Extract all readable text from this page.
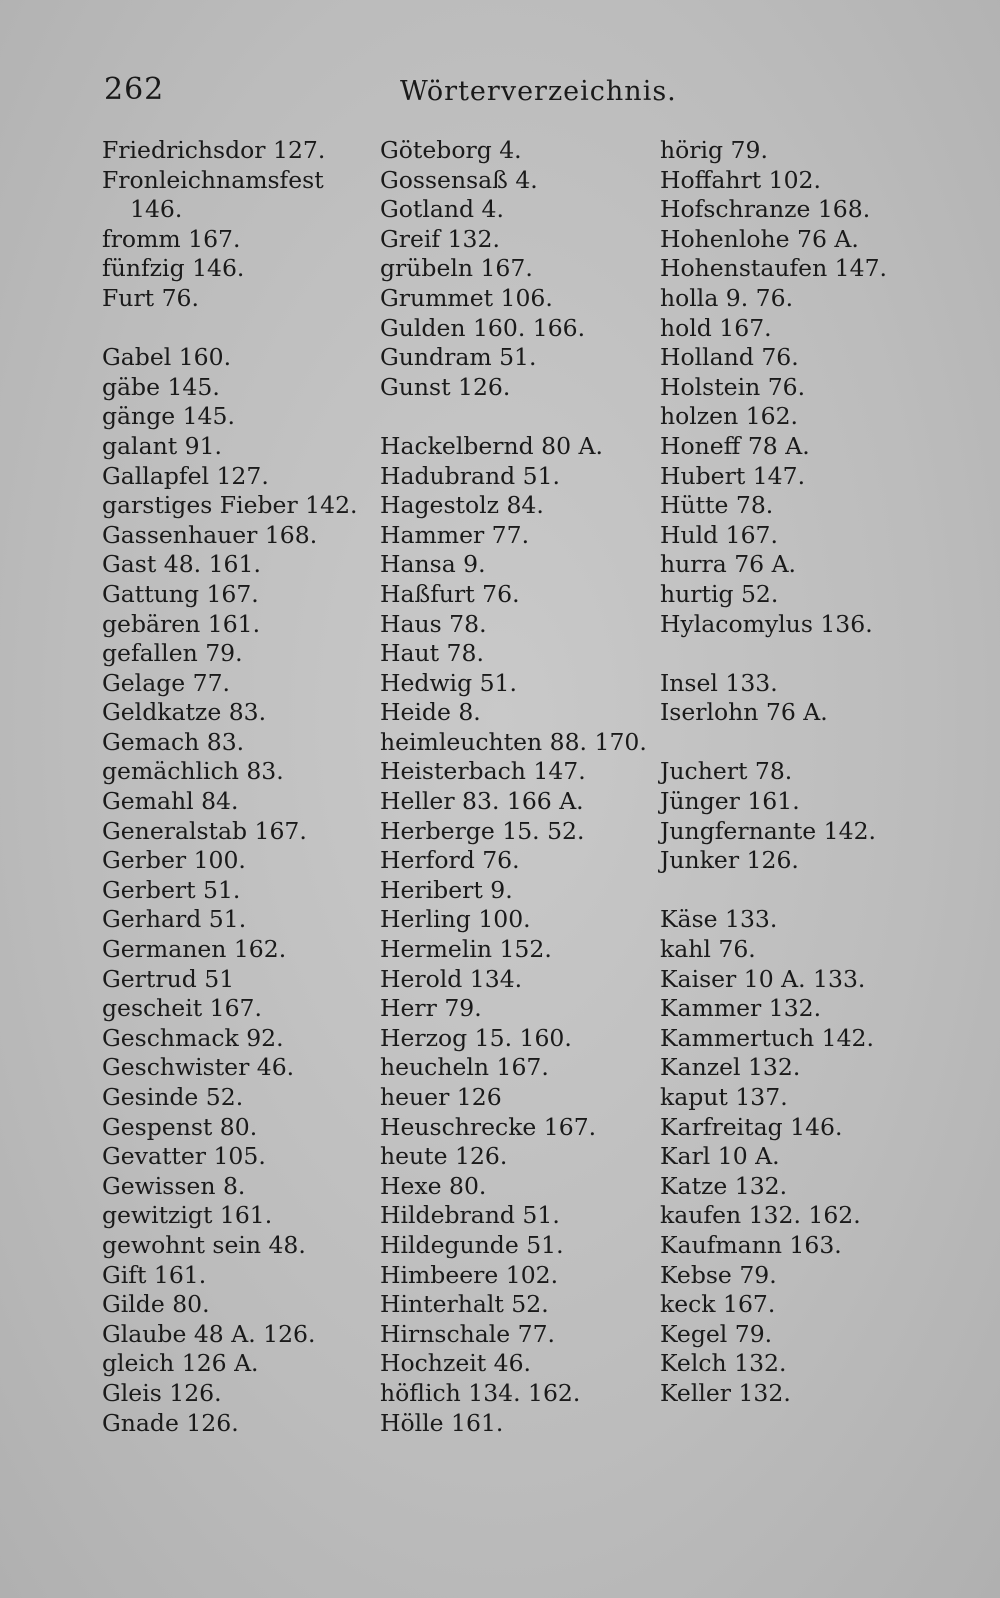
262	Wörterverzeichnis.
Friedrichsdor 127.
Fronleichnamsfest
146.
fromm 167.
fünfzig 146.
Furt 76.
Gabel 160.
gäbe 145.
gänge 145.
galant 91.
Gallapfel 127.
garstiges Fieber 142.
Gassenhauer 168.
Gast 48. 161.
Gattung 167.
gebären 161.
gefallen 79.
Gelage 77.
Geldkatze 83.
Gemach 83.
gemächlich 83.
Gemahl 84.
Generalstab 167.
Gerber 100.
Gerbert 51.
Gerhard 51.
Germanen 162.
Gertrud 51
gescheit 167.
Geschmack 92.
Geschwister 46.
Gesinde 52.
Gespenst 80.
Gevatter 105.
Gewissen 8.
gewitzigt 161.
gewohnt sein 48.
Gift 161.
Gilde 80.
Glaube 48 A. 126.
gleich 126 A.
Gleis 126.
Gnade 126.
Göteborg 4.
Gossensaß 4.
Gotland 4.
Greif 132.
grübeln 167.
Grummet 106.
Gulden 160. 166.
Gundram 51.
Gunst 126.
Hackelbernd 80 A.
Hadubrand 51.
Hagestolz 84.
Hammer 77.
Hansa 9.
Haßfurt 76.
Haus 78.
Haut 78.
Hedwig 51.
Heide 8.
heimleuchten 88. 170.
Heisterbach 147.
Heller 83. 166 A.
Herberge 15. 52.
Herford 76.
Heribert 9.
Herling 100.
Hermelin 152.
Herold 134.
Herr 79.
Herzog 15. 160.
heucheln 167.
heuer 126
Heuschrecke 167.
heute 126.
Hexe 80.
Hildebrand 51.
Hildegunde 51.
Himbeere 102.
Hinterhalt 52.
Hirnschale 77.
Hochzeit 46.
höflich 134. 162.
Hölle 161.
hörig 79.
Hoffahrt 102.
Hofschranze 168.
Hohenlohe 76 A.
Hohenstaufen 147.
holla 9. 76.
hold 167.
Holland 76.
Holstein 76.
holzen 162.
Honeff 78 A.
Hubert 147.
Hütte 78.
Huld 167.
hurra 76 A.
hurtig 52.
Hylacomylus 136.
Insel 133.
Iserlohn 76 A.
Juchert 78.
Jünger 161.
Jungfernante 142.
Junker 126.
Käse 133.
kahl 76.
Kaiser 10 A. 133.
Kammer 132.
Kammertuch 142.
Kanzel 132.
kaput 137.
Karfreitag 146.
Karl 10 A.
Katze 132.
kaufen 132. 162.
Kaufmann 163.
Kebse 79.
keck 167.
Kegel 79.
Kelch 132.
Keller 132.
